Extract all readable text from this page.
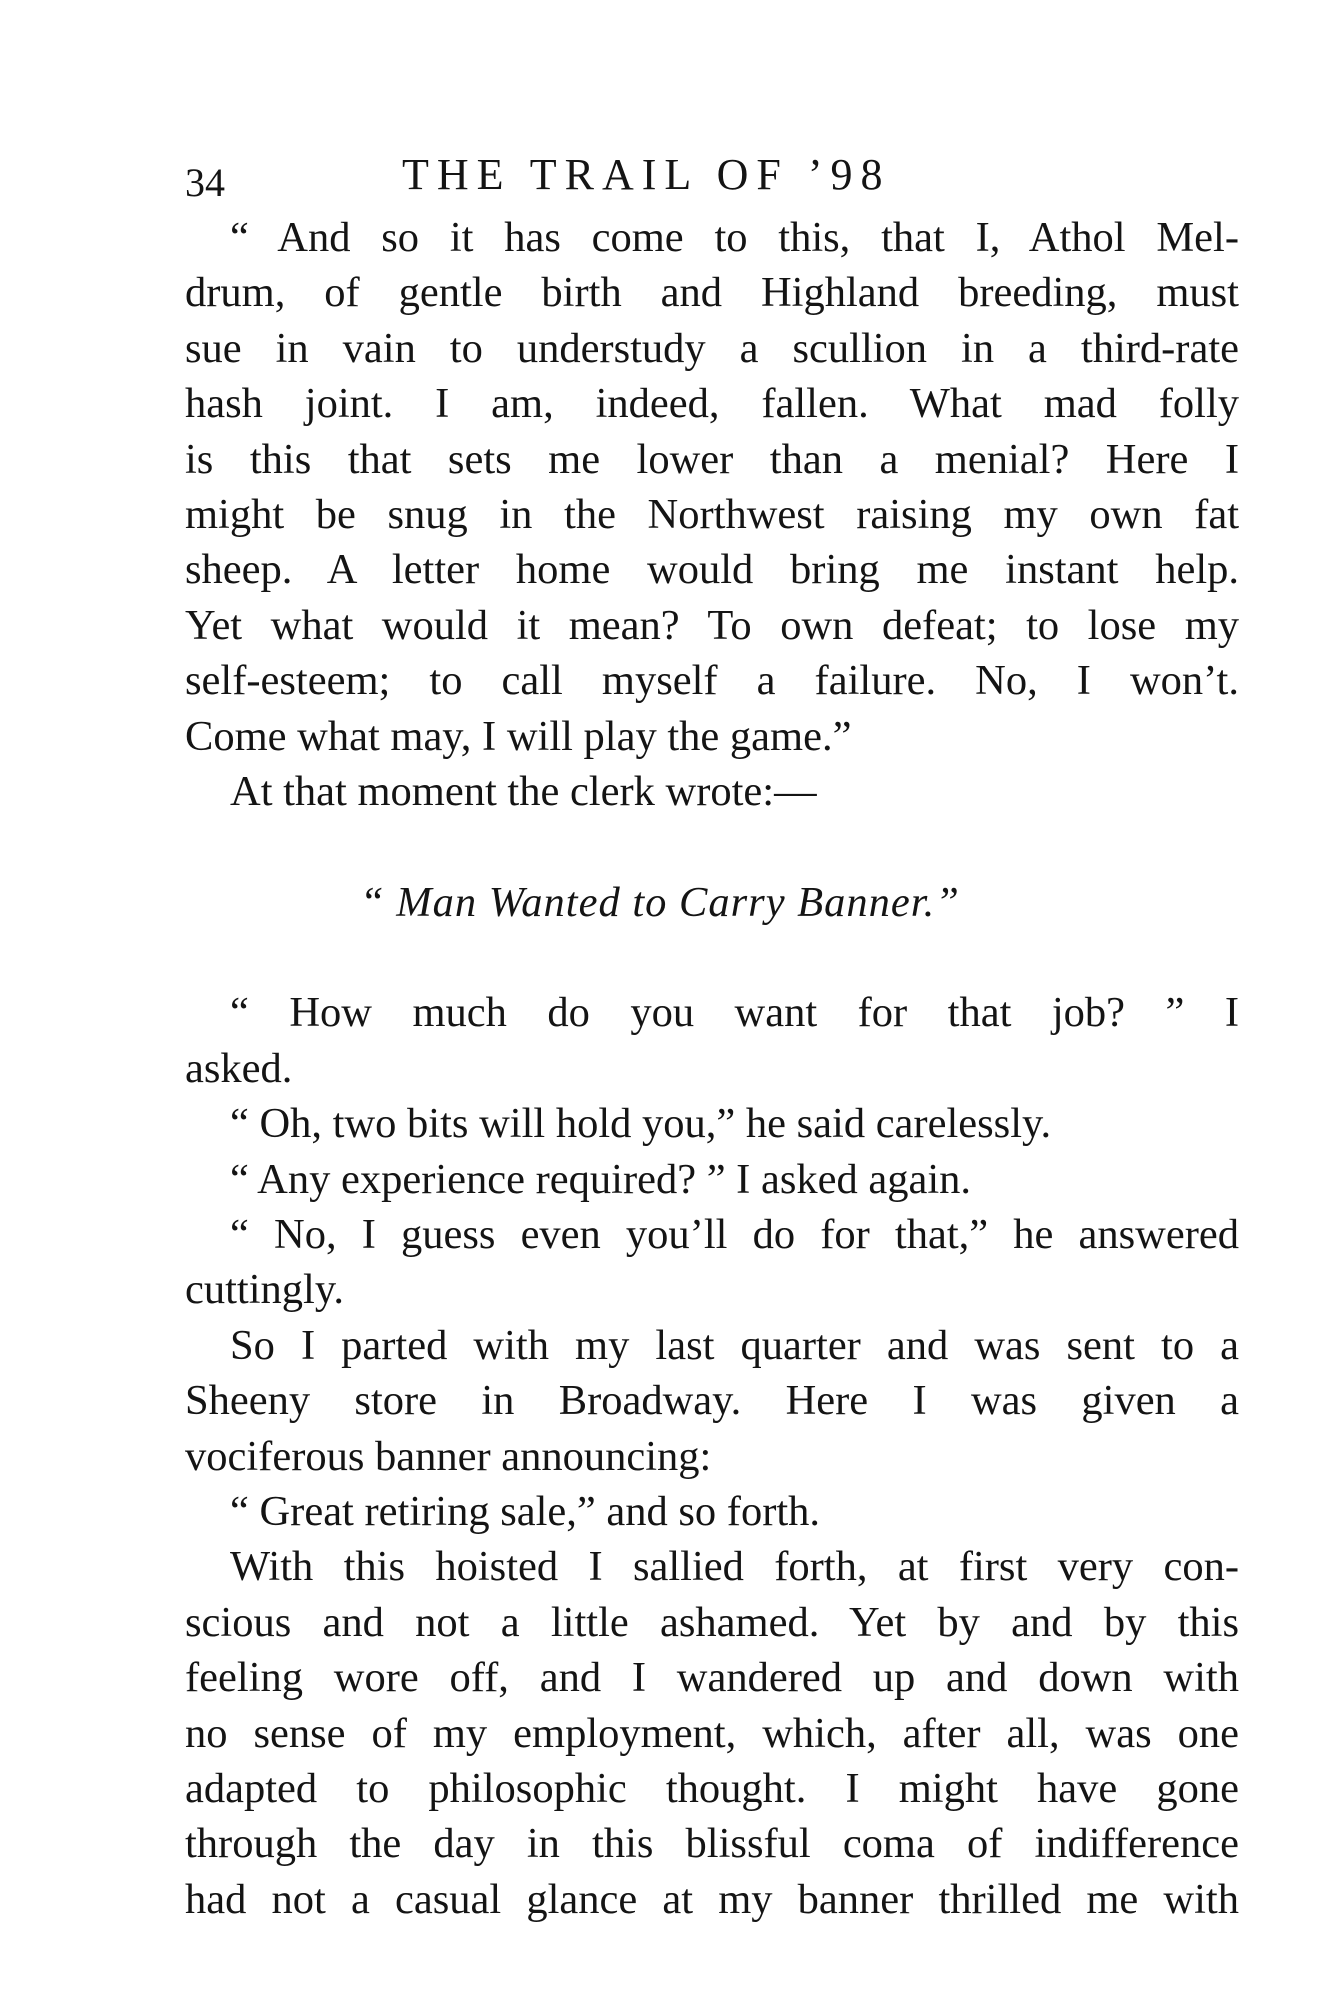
34	THE TRAIL OF ’98
“ And so it has come to this, that I, Athol Mel-
drum, of gentle birth and Highland breeding, must
sue in vain to understudy a scullion in a third-rate
hash joint. I am, indeed, fallen. What mad folly
is this that sets me lower than a menial? Here I
might be snug in the Northwest raising my own fat
sheep. A letter home would bring me instant help.
Yet what would it mean? To own defeat; to lose my
self-esteem; to call myself a failure. No, I won’t.
Come what may, I will play the game.”
At that moment the clerk wrote:—
“ Man Wanted to Carry Banner.”
“ How much do you want for that job? ” I
asked.
“ Oh, two bits will hold you,” he said carelessly.
“ Any experience required? ” I asked again.
“ No, I guess even you’ll do for that,” he answered
cuttingly.
So I parted with my last quarter and was sent to a
Sheeny store in Broadway. Here I was given a
vociferous banner announcing:
“ Great retiring sale,” and so forth.
With this hoisted I sallied forth, at first very con-
scious and not a little ashamed. Yet by and by this
feeling wore off, and I wandered up and down with
no sense of my employment, which, after all, was one
adapted to philosophic thought. I might have gone
through the day in this blissful coma of indifference
had not a casual glance at my banner thrilled me with
